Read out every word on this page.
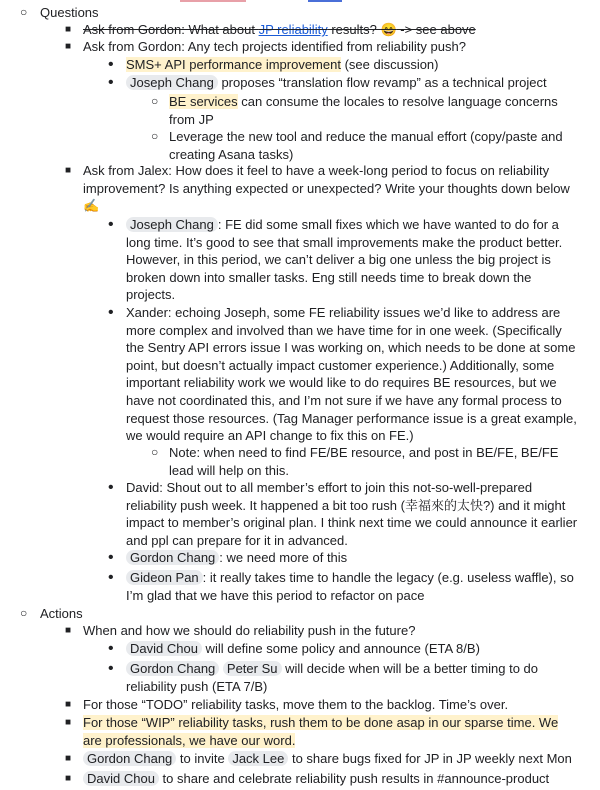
○ Questions
■ Ask from Gordon: What about JP reliability results? 😄 -> see above
■ Ask from Gordon: Any tech projects identified from reliability push?
• SMS+ API performance improvement (see discussion)
• Joseph Chang proposes “translation flow revamp” as a technical project
○ BE services can consume the locales to resolve language concerns from JP
○ Leverage the new tool and reduce the manual effort (copy/paste and creating Asana tasks)
■ Ask from Jalex: How does it feel to have a week-long period to focus on reliability improvement? Is anything expected or unexpected? Write your thoughts down below ✍️
• Joseph Chang : FE did some small fixes which we have wanted to do for a long time. It’s good to see that small improvements make the product better. However, in this period, we can’t deliver a big one unless the big project is broken down into smaller tasks. Eng still needs time to break down the projects.
• Xander: echoing Joseph, some FE reliability issues we’d like to address are more complex and involved than we have time for in one week. (Specifically the Sentry API errors issue I was working on, which needs to be done at some point, but doesn’t actually impact customer experience.) Additionally, some important reliability work we would like to do requires BE resources, but we have not coordinated this, and I’m not sure if we have any formal process to request those resources. (Tag Manager performance issue is a great example, we would require an API change to fix this on FE.)
○ Note: when need to find FE/BE resource, and post in BE/FE, BE/FE lead will help on this.
• David: Shout out to all member’s effort to join this not-so-well-prepared reliability push week. It happened a bit too rush (幸福來的太快?) and it might impact to member’s original plan. I think next time we could announce it earlier and ppl can prepare for it in advanced.
• Gordon Chang : we need more of this
• Gideon Pan : it really takes time to handle the legacy (e.g. useless waffle), so I’m glad that we have this period to refactor on pace
○ Actions
■ When and how we should do reliability push in the future?
• David Chou will define some policy and announce (ETA 8/B)
• Gordon Chang Peter Su will decide when will be a better timing to do reliability push (ETA 7/B)
■ For those “TODO” reliability tasks, move them to the backlog. Time’s over.
■ For those “WIP” reliability tasks, rush them to be done asap in our sparse time. We are professionals, we have our word.
■ Gordon Chang to invite Jack Lee to share bugs fixed for JP in JP weekly next Mon
■ David Chou to share and celebrate reliability push results in #announce-product
